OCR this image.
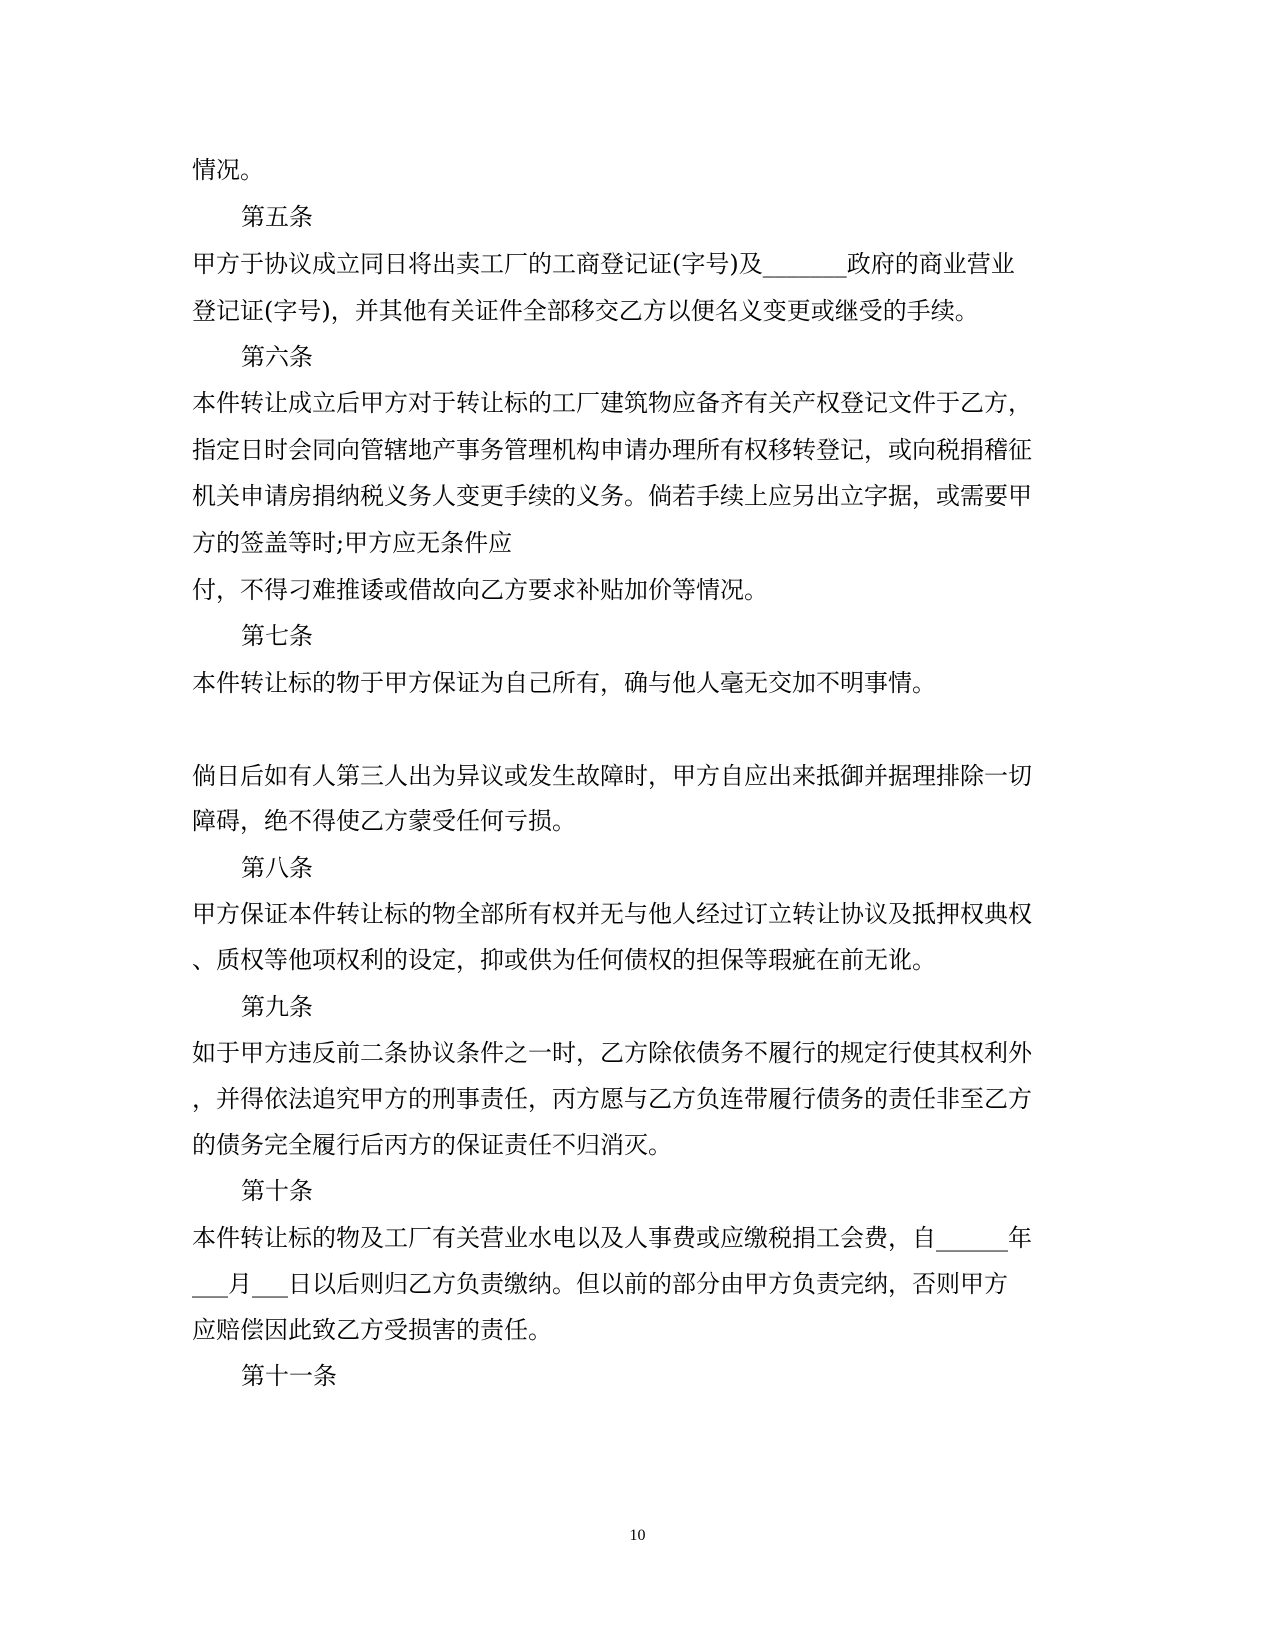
情况。

第五条

甲方于协议成立同日将出卖工厂的工商登记证(字号)及_______政府的商业营业

登记证(字号)，并其他有关证件全部移交乙方以便名义变更或继受的手续。

第六条

本件转让成立后甲方对于转让标的工厂建筑物应备齐有关产权登记文件于乙方，

指定日时会同向管辖地产事务管理机构申请办理所有权移转登记，或向税捐稽征

机关申请房捐纳税义务人变更手续的义务。倘若手续上应另出立字据，或需要甲

方的签盖等时;甲方应无条件应

付，不得刁难推诿或借故向乙方要求补贴加价等情况。

第七条

本件转让标的物于甲方保证为自己所有，确与他人毫无交加不明事情。

倘日后如有人第三人出为异议或发生故障时，甲方自应出来抵御并据理排除一切

障碍，绝不得使乙方蒙受任何亏损。

第八条

甲方保证本件转让标的物全部所有权并无与他人经过订立转让协议及抵押权典权

、质权等他项权利的设定，抑或供为任何债权的担保等瑕疵在前无讹。

第九条

如于甲方违反前二条协议条件之一时，乙方除依债务不履行的规定行使其权利外

，并得依法追究甲方的刑事责任，丙方愿与乙方负连带履行债务的责任非至乙方

的债务完全履行后丙方的保证责任不归消灭。

第十条

本件转让标的物及工厂有关营业水电以及人事费或应缴税捐工会费，自______年

___月___日以后则归乙方负责缴纳。但以前的部分由甲方负责完纳，否则甲方

应赔偿因此致乙方受损害的责任。

第十一条

10
